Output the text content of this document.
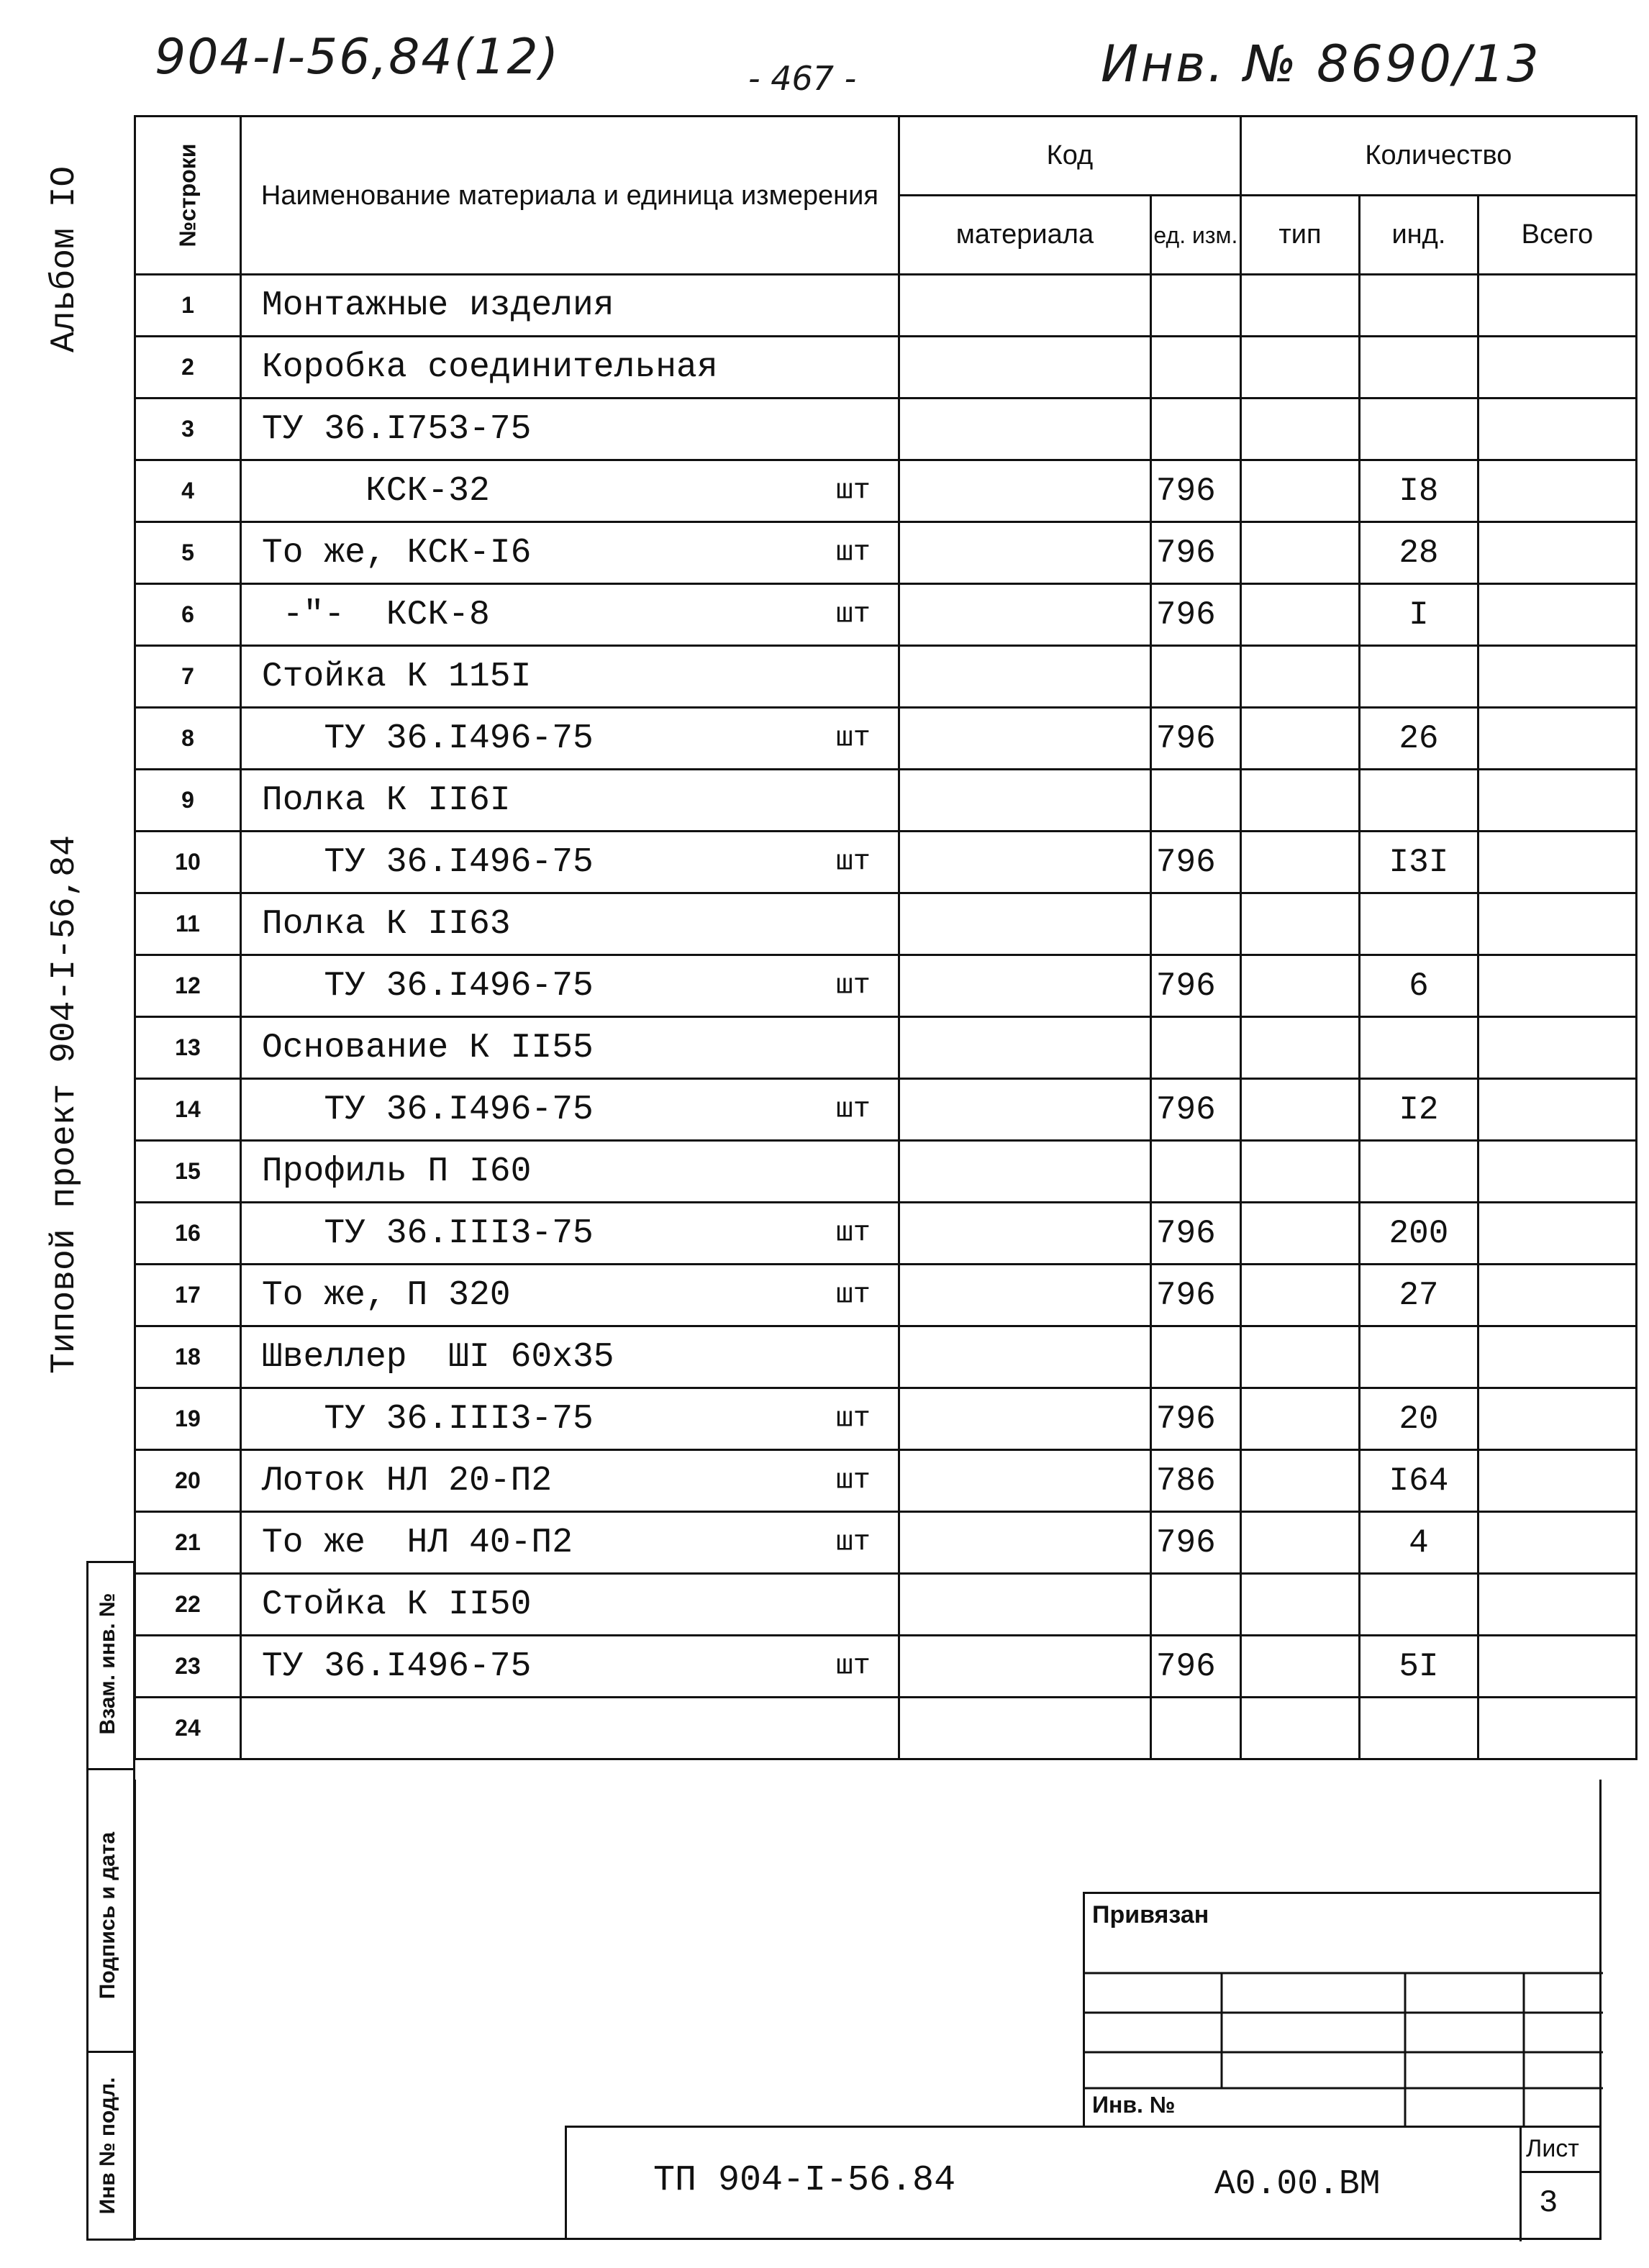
904-I-56,84(12)	- 467 -	Инв. № 8690/13
Альбом IO
Типовой проект 904-I-56,84
№строки	Наименование материала и единица измерения	Код		Количество		
		материала	ед. изм.	тип	инд.	Всего
1	Монтажные изделия

2	Коробка соединительная

3	ТУ 36.I753-75

4	КСК-32 шт		796		I8	
5	То же, КСК-I6 шт		796		28	
6	-"-  КСК-8 шт		796		I	
7	Стойка К 115I

8	ТУ 36.I496-75 шт		796		26	
9	Полка К II6I

10	ТУ 36.I496-75 шт		796		I3I	
11	Полка К II63

12	ТУ 36.I496-75 шт		796		6	
13	Основание К II55

14	ТУ 36.I496-75 шт		796		I2	
15	Профиль П I60

16	ТУ 36.III3-75 шт		796		200	
17	То же, П 320 шт		796		27	
18	Швеллер  ШI 60х35

19	ТУ 36.III3-75 шт		796		20	
20	Лоток НЛ 20-П2 шт		786		I64	
21	То же  НЛ 40-П2 шт		796		4	
22	Стойка К II50

23	ТУ 36.I496-75 шт		796		5I	
24	

Взам. инв. №
Подпись и дата
Инв № подл.
Привязан
Инв. №
ТП 904-I-56.84	А0.00.ВМ
Лист
3
